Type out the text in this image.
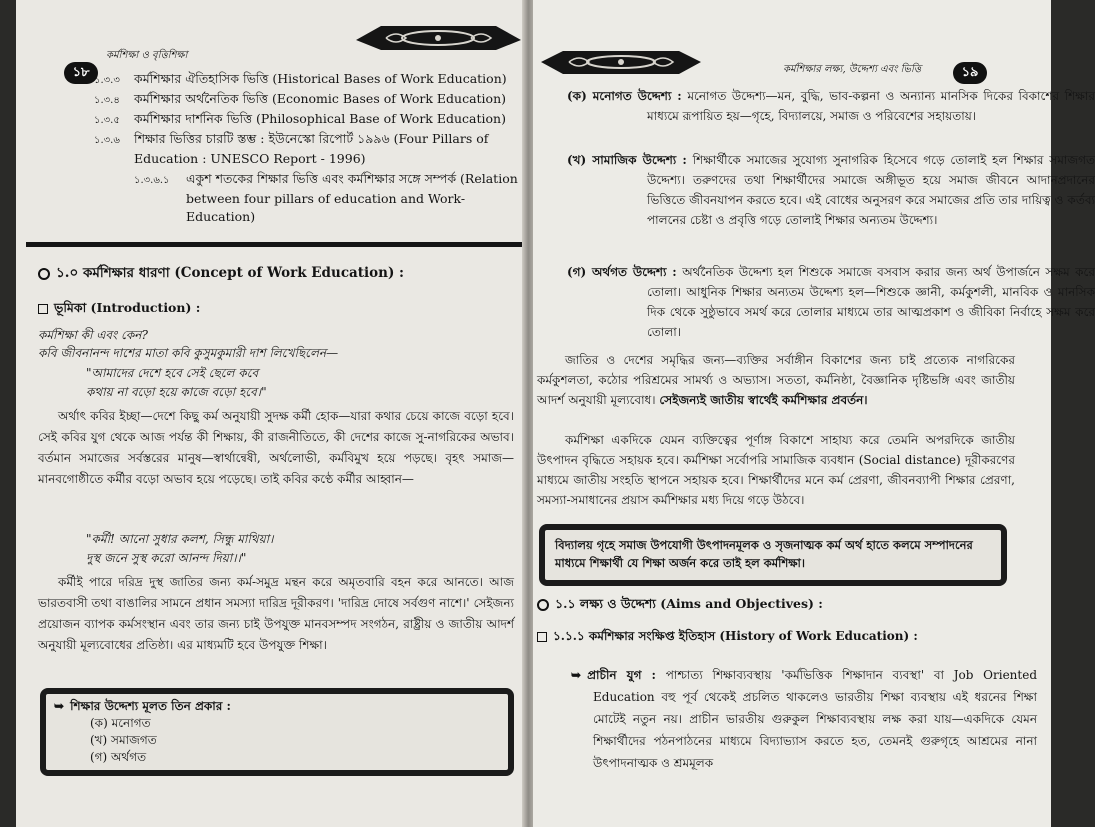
১৮
কর্মশিক্ষা ও বৃত্তিশিক্ষা
১.৩.৩ কর্মশিক্ষার ঐতিহাসিক ভিত্তি (Historical Bases of Work Education)
১.৩.৪ কর্মশিক্ষার অর্থনৈতিক ভিত্তি (Economic Bases of Work Education)
১.৩.৫ কর্মশিক্ষার দার্শনিক ভিত্তি (Philosophical Base of Work Education)
১.৩.৬ শিক্ষার ভিত্তির চারটি স্তম্ভ : ইউনেস্কো রিপোর্ট ১৯৯৬ (Four Pillars of Education : UNESCO Report - 1996)
১.৩.৬.১ একুশ শতকের শিক্ষার ভিত্তি এবং কর্মশিক্ষার সঙ্গে সম্পর্ক (Relation between four pillars of education and Work-Education)
১.০ কর্মশিক্ষার ধারণা (Concept of Work Education) :
ভূমিকা (Introduction) :
কর্মশিক্ষা কী এবং কেন?
কবি জীবনানন্দ দাশের মাতা কবি কুসুমকুমারী দাশ লিখেছিলেন—
"আমাদের দেশে হবে সেই ছেলে কবে
কথায় না বড়ো হয়ে কাজে বড়ো হবে।"
অর্থাৎ কবির ইচ্ছা—দেশে কিছু কর্ম অনুযায়ী সুদক্ষ কর্মী হোক—যারা কথার চেয়ে কাজে বড়ো হবে। সেই কবির যুগ থেকে আজ পর্যন্ত কী শিক্ষায়, কী রাজনীতিতে, কী দেশের কাজে সু-নাগরিকের অভাব। বর্তমান সমাজের সর্বস্তরের মানুষ—স্বার্থান্বেষী, অর্থলোভী, কর্মবিমুখ হয়ে পড়ছে। বৃহৎ সমাজ—মানবগোষ্ঠীতে কর্মীর বড়ো অভাব হয়ে পড়েছে। তাই কবির কণ্ঠে কর্মীর আহ্বান—
"কর্মী! আনো সুধার কলশ, সিন্ধু মাথিয়া।
দুস্থ জনে সুস্থ করো আনন্দ দিয়া।।"
কর্মীই পারে দরিদ্র দুস্থ জাতির জন্য কর্ম-সমুদ্র মন্থন করে অমৃতবারি বহন করে আনতে। আজ ভারতবাসী তথা বাঙালির সামনে প্রধান সমস্যা দারিদ্র দূরীকরণ। 'দারিদ্র দোষে সর্বগুণ নাশে।' সেইজন্য প্রয়োজন ব্যাপক কর্মসংস্থান এবং তার জন্য চাই উপযুক্ত মানবসম্পদ সংগঠন, রাষ্ট্রীয় ও জাতীয় আদর্শ অনুযায়ী মূল্যবোধের প্রতিষ্ঠা। এর মাধ্যমটি হবে উপযুক্ত শিক্ষা।
➥ শিক্ষার উদ্দেশ্য মূলত তিন প্রকার :
(ক) মনোগত
(খ) সমাজগত
(গ) অর্থগত
কর্মশিক্ষার লক্ষ্য, উদ্দেশ্য এবং ভিত্তি	১৯
(ক) মনোগত উদ্দেশ্য : মনোগত উদ্দেশ্য—মন, বুদ্ধি, ভাব-কল্পনা ও অন্যান্য মানসিক দিকের বিকাশের শিক্ষার মাধ্যমে রূপায়িত হয়—গৃহে, বিদ্যালয়ে, সমাজ ও পরিবেশের সহায়তায়।
(খ) সামাজিক উদ্দেশ্য : শিক্ষার্থীকে সমাজের সুযোগ্য সুনাগরিক হিসেবে গড়ে তোলাই হল শিক্ষার সমাজগত উদ্দেশ্য। তরুণদের তথা শিক্ষার্থীদের সমাজে অঙ্গীভূত হয়ে সমাজ জীবনে আদানপ্রদানের ভিত্তিতে জীবনযাপন করতে হবে। এই বোধের অনুসরণ করে সমাজের প্রতি তার দায়িত্ব ও কর্তব্য পালনের চেষ্টা ও প্রবৃত্তি গড়ে তোলাই শিক্ষার অন্যতম উদ্দেশ্য।
(গ) অর্থগত উদ্দেশ্য : অর্থনৈতিক উদ্দেশ্য হল শিশুকে সমাজে বসবাস করার জন্য অর্থ উপার্জনে সক্ষম করে তোলা। আধুনিক শিক্ষার অন্যতম উদ্দেশ্য হল—শিশুকে জ্ঞানী, কর্মকুশলী, মানবিক ও মানসিক দিক থেকে সুষ্ঠুভাবে সমর্থ করে তোলার মাধ্যমে তার আত্মপ্রকাশ ও জীবিকা নির্বাহে সক্ষম করে তোলা।
জাতির ও দেশের সমৃদ্ধির জন্য—ব্যক্তির সর্বাঙ্গীন বিকাশের জন্য চাই প্রত্যেক নাগরিকের কর্মকুশলতা, কঠোর পরিশ্রমের সামর্থ্য ও অভ্যাস। সততা, কর্মনিষ্ঠা, বৈজ্ঞানিক দৃষ্টিভঙ্গি এবং জাতীয় আদর্শ অনুযায়ী মূল্যবোধ। সেইজন্যই জাতীয় স্বার্থেই কর্মশিক্ষার প্রবর্তন।
কর্মশিক্ষা একদিকে যেমন ব্যক্তিত্বের পূর্ণাঙ্গ বিকাশে সাহায্য করে তেমনি অপরদিকে জাতীয় উৎপাদন বৃদ্ধিতে সহায়ক হবে। কর্মশিক্ষা সর্বোপরি সামাজিক ব্যবধান (Social distance) দূরীকরণের মাধ্যমে জাতীয় সংহতি স্থাপনে সহায়ক হবে। শিক্ষার্থীদের মনে কর্ম প্রেরণা, জীবনব্যাপী শিক্ষার প্রেরণা, সমস্যা-সমাধানের প্রয়াস কর্মশিক্ষার মধ্য দিয়ে গড়ে উঠবে।
বিদ্যালয় গৃহে সমাজ উপযোগী উৎপাদনমূলক ও সৃজনাত্মক কর্ম অর্থ হাতে কলমে সম্পাদনের মাধ্যমে শিক্ষার্থী যে শিক্ষা অর্জন করে তাই হল কর্মশিক্ষা।
১.১ লক্ষ্য ও উদ্দেশ্য (Aims and Objectives) :
১.১.১ কর্মশিক্ষার সংক্ষিপ্ত ইতিহাস (History of Work Education) :
➥ প্রাচীন যুগ : পাশ্চাত্য শিক্ষাব্যবস্থায় 'কর্মভিত্তিক শিক্ষাদান ব্যবস্থা' বা Job Oriented Education বহু পূর্ব থেকেই প্রচলিত থাকলেও ভারতীয় শিক্ষা ব্যবস্থায় এই ধরনের শিক্ষা মোটেই নতুন নয়। প্রাচীন ভারতীয় গুরুকুল শিক্ষাব্যবস্থায় লক্ষ করা যায়—একদিকে যেমন শিক্ষার্থীদের পঠনপাঠনের মাধ্যমে বিদ্যাভ্যাস করতে হত, তেমনই গুরুগৃহে আশ্রমের নানা উৎপাদনাত্মক ও শ্রমমূলক
